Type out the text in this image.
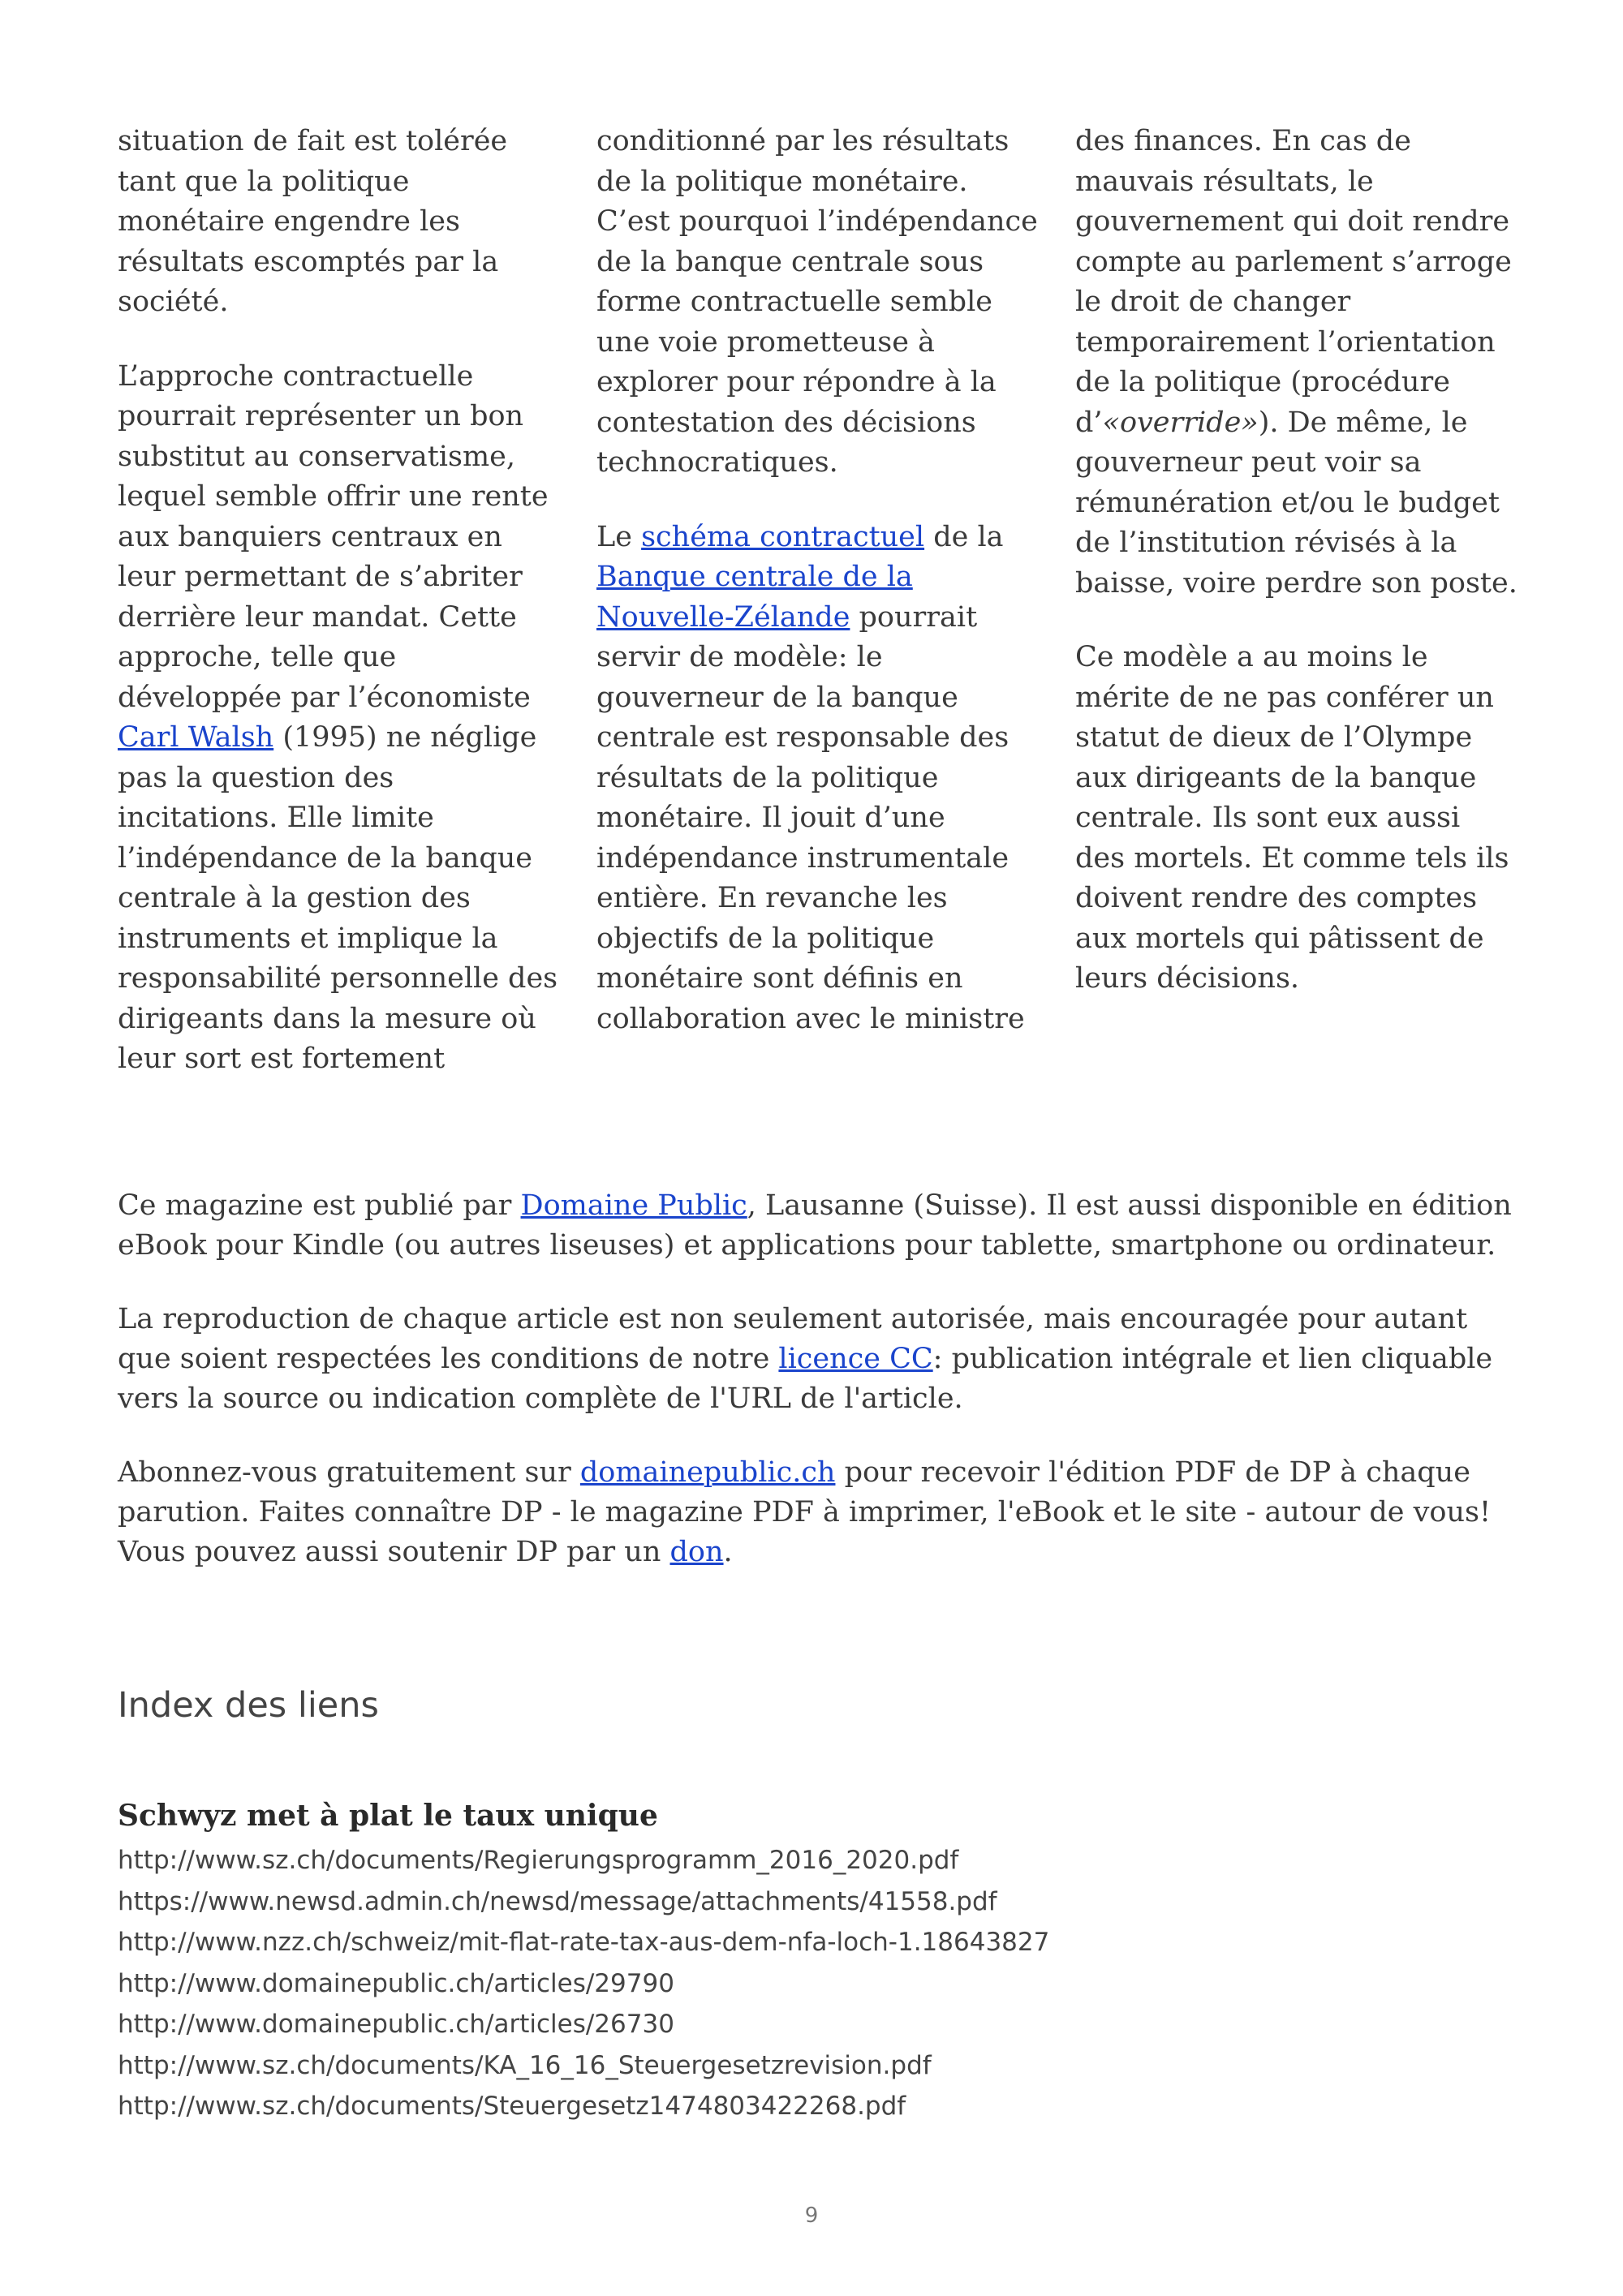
situation de fait est tolérée tant que la politique monétaire engendre les résultats escomptés par la société.

L’approche contractuelle pourrait représenter un bon substitut au conservatisme, lequel semble offrir une rente aux banquiers centraux en leur permettant de s’abriter derrière leur mandat. Cette approche, telle que développée par l’économiste Carl Walsh (1995) ne néglige pas la question des incitations. Elle limite l’indépendance de la banque centrale à la gestion des instruments et implique la responsabilité personnelle des dirigeants dans la mesure où leur sort est fortement

conditionné par les résultats de la politique monétaire. C’est pourquoi l’indépendance de la banque centrale sous forme contractuelle semble une voie prometteuse à explorer pour répondre à la contestation des décisions technocratiques.

Le schéma contractuel de la Banque centrale de la Nouvelle-Zélande pourrait servir de modèle: le gouverneur de la banque centrale est responsable des résultats de la politique monétaire. Il jouit d’une indépendance instrumentale entière. En revanche les objectifs de la politique monétaire sont définis en collaboration avec le ministre

des finances. En cas de mauvais résultats, le gouvernement qui doit rendre compte au parlement s’arroge le droit de changer temporairement l’orientation de la politique (procédure d’«override»). De même, le gouverneur peut voir sa rémunération et/ou le budget de l’institution révisés à la baisse, voire perdre son poste.

Ce modèle a au moins le mérite de ne pas conférer un statut de dieux de l’Olympe aux dirigeants de la banque centrale. Ils sont eux aussi des mortels. Et comme tels ils doivent rendre des comptes aux mortels qui pâtissent de leurs décisions.

Ce magazine est publié par Domaine Public, Lausanne (Suisse). Il est aussi disponible en édition eBook pour Kindle (ou autres liseuses) et applications pour tablette, smartphone ou ordinateur.

La reproduction de chaque article est non seulement autorisée, mais encouragée pour autant que soient respectées les conditions de notre licence CC: publication intégrale et lien cliquable vers la source ou indication complète de l'URL de l'article.

Abonnez-vous gratuitement sur domainepublic.ch pour recevoir l'édition PDF de DP à chaque parution. Faites connaître DP - le magazine PDF à imprimer, l'eBook et le site - autour de vous! Vous pouvez aussi soutenir DP par un don.

Index des liens
Schwyz met à plat le taux unique
http://www.sz.ch/documents/Regierungsprogramm_2016_2020.pdf
https://www.newsd.admin.ch/newsd/message/attachments/41558.pdf
http://www.nzz.ch/schweiz/mit-flat-rate-tax-aus-dem-nfa-loch-1.18643827
http://www.domainepublic.ch/articles/29790
http://www.domainepublic.ch/articles/26730
http://www.sz.ch/documents/KA_16_16_Steuergesetzrevision.pdf
http://www.sz.ch/documents/Steuergesetz1474803422268.pdf
9
